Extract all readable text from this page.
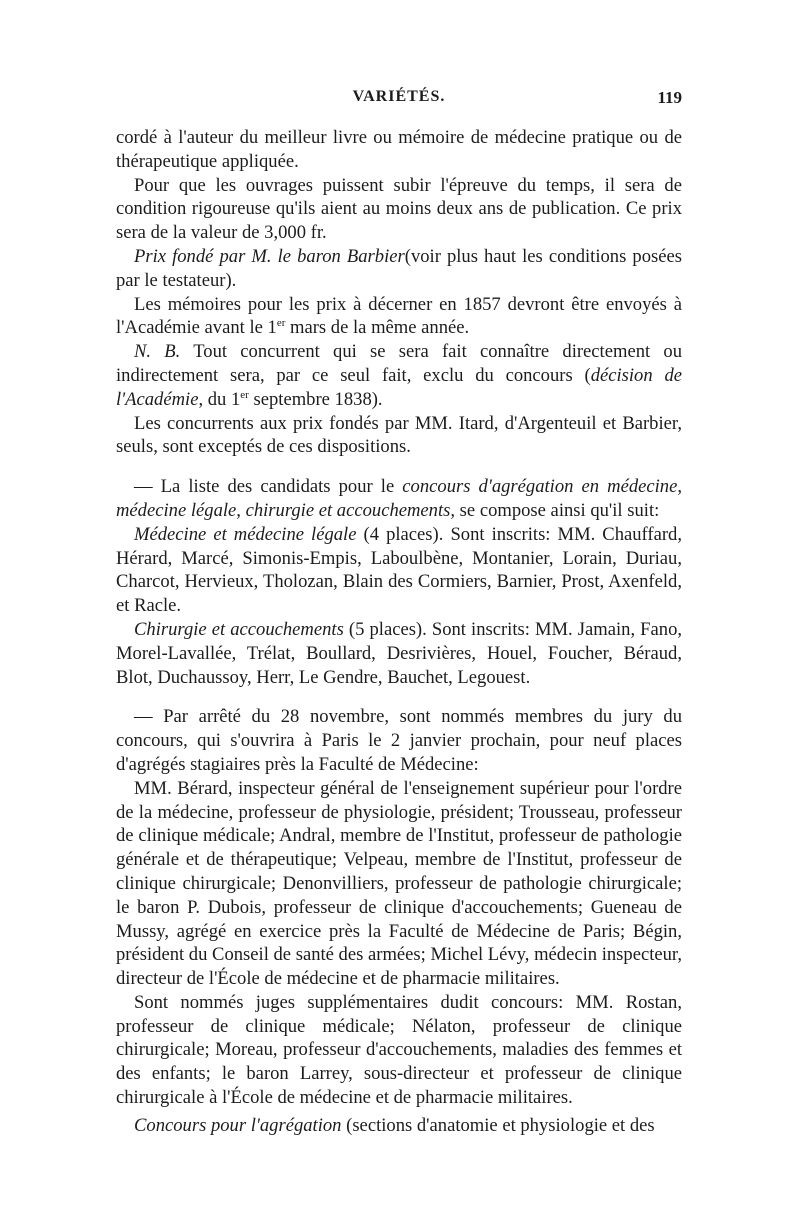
VARIÉTÉS.	119

cordé à l'auteur du meilleur livre ou mémoire de médecine pratique ou de thérapeutique appliquée.

Pour que les ouvrages puissent subir l'épreuve du temps, il sera de condition rigoureuse qu'ils aient au moins deux ans de publication. Ce prix sera de la valeur de 3,000 fr.

Prix fondé par M. le baron Barbier(voir plus haut les conditions posées par le testateur).

Les mémoires pour les prix à décerner en 1857 devront être envoyés à l'Académie avant le 1er mars de la même année.

N. B. Tout concurrent qui se sera fait connaître directement ou indirectement sera, par ce seul fait, exclu du concours (décision de l'Académie, du 1er septembre 1838).

Les concurrents aux prix fondés par MM. Itard, d'Argenteuil et Barbier, seuls, sont exceptés de ces dispositions.

— La liste des candidats pour le concours d'agrégation en médecine, médecine légale, chirurgie et accouchements, se compose ainsi qu'il suit:

Médecine et médecine légale (4 places). Sont inscrits: MM. Chauffard, Hérard, Marcé, Simonis-Empis, Laboulbène, Montanier, Lorain, Duriau, Charcot, Hervieux, Tholozan, Blain des Cormiers, Barnier, Prost, Axenfeld, et Racle.

Chirurgie et accouchements (5 places). Sont inscrits: MM. Jamain, Fano, Morel-Lavallée, Trélat, Boullard, Desrivières, Houel, Foucher, Béraud, Blot, Duchaussoy, Herr, Le Gendre, Bauchet, Legouest.

— Par arrêté du 28 novembre, sont nommés membres du jury du concours, qui s'ouvrira à Paris le 2 janvier prochain, pour neuf places d'agrégés stagiaires près la Faculté de Médecine:

MM. Bérard, inspecteur général de l'enseignement supérieur pour l'ordre de la médecine, professeur de physiologie, président; Trousseau, professeur de clinique médicale; Andral, membre de l'Institut, professeur de pathologie générale et de thérapeutique; Velpeau, membre de l'Institut, professeur de clinique chirurgicale; Denonvilliers, professeur de pathologie chirurgicale; le baron P. Dubois, professeur de clinique d'accouchements; Gueneau de Mussy, agrégé en exercice près la Faculté de Médecine de Paris; Bégin, président du Conseil de santé des armées; Michel Lévy, médecin inspecteur, directeur de l'École de médecine et de pharmacie militaires.

Sont nommés juges supplémentaires dudit concours: MM. Rostan, professeur de clinique médicale; Nélaton, professeur de clinique chirurgicale; Moreau, professeur d'accouchements, maladies des femmes et des enfants; le baron Larrey, sous-directeur et professeur de clinique chirurgicale à l'École de médecine et de pharmacie militaires.

Concours pour l'agrégation (sections d'anatomie et physiologie et des
